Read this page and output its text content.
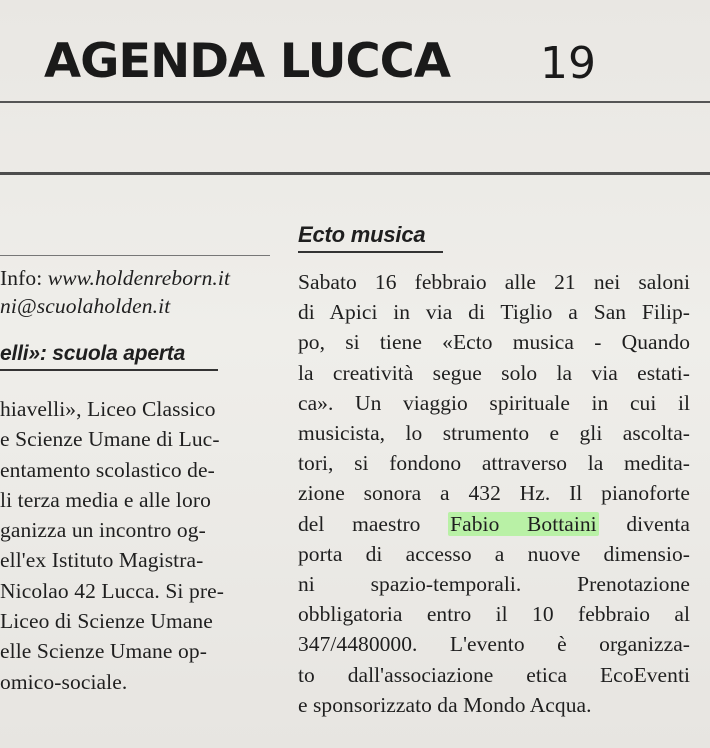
AGENDA LUCCA 19
Info: www.holdenreborn.it
ni@scuolaholden.it
elli»: scuola aperta
hiavelli», Liceo Classico
e Scienze Umane di Luc-
entamento scolastico de-
li terza media e alle loro
ganizza un incontro og-
ell'ex Istituto Magistra-
Nicolao 42 Lucca. Si pre-
Liceo di Scienze Umane
elle Scienze Umane op-
omico-sociale.
Ecto musica
Sabato 16 febbraio alle 21 nei saloni
di Apici in via di Tiglio a San Filip-
po, si tiene «Ecto musica - Quando
la creatività segue solo la via estati-
ca». Un viaggio spirituale in cui il
musicista, lo strumento e gli ascolta-
tori, si fondono attraverso la medita-
zione sonora a 432 Hz. Il pianoforte
del maestro Fabio Bottaini diventa
porta di accesso a nuove dimensio-
ni spazio-temporali. Prenotazione
obbligatoria entro il 10 febbraio al
347/4480000. L'evento è organizza-
to dall'associazione etica EcoEventi
e sponsorizzato da Mondo Acqua.
